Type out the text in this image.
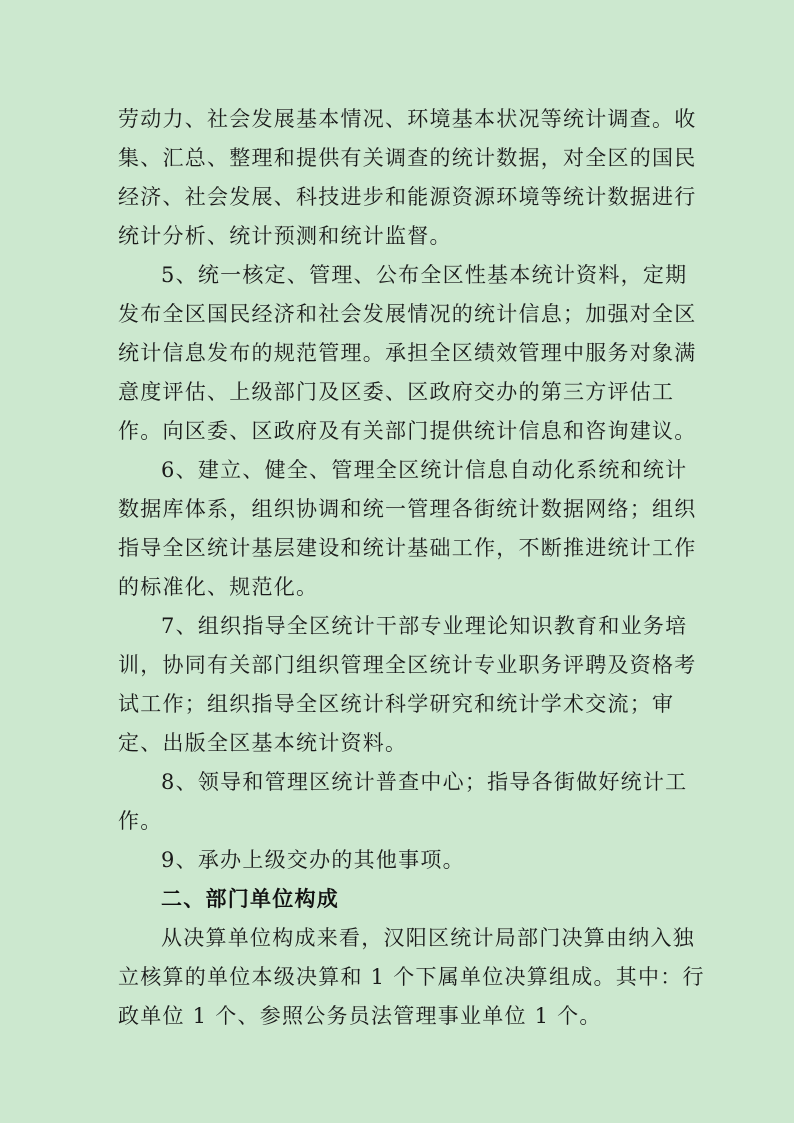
劳动力、社会发展基本情况、环境基本状况等统计调查。收
集、汇总、整理和提供有关调查的统计数据，对全区的国民
经济、社会发展、科技进步和能源资源环境等统计数据进行
统计分析、统计预测和统计监督。

5、统一核定、管理、公布全区性基本统计资料，定期
发布全区国民经济和社会发展情况的统计信息；加强对全区
统计信息发布的规范管理。承担全区绩效管理中服务对象满
意度评估、上级部门及区委、区政府交办的第三方评估工
作。向区委、区政府及有关部门提供统计信息和咨询建议。

6、建立、健全、管理全区统计信息自动化系统和统计
数据库体系，组织协调和统一管理各街统计数据网络；组织
指导全区统计基层建设和统计基础工作，不断推进统计工作
的标准化、规范化。

7、组织指导全区统计干部专业理论知识教育和业务培
训，协同有关部门组织管理全区统计专业职务评聘及资格考
试工作；组织指导全区统计科学研究和统计学术交流；审
定、出版全区基本统计资料。

8、领导和管理区统计普查中心；指导各街做好统计工
作。

9、承办上级交办的其他事项。

二、部门单位构成

从决算单位构成来看，汉阳区统计局部门决算由纳入独
立核算的单位本级决算和 1 个下属单位决算组成。其中：行
政单位 1 个、参照公务员法管理事业单位 1 个。
